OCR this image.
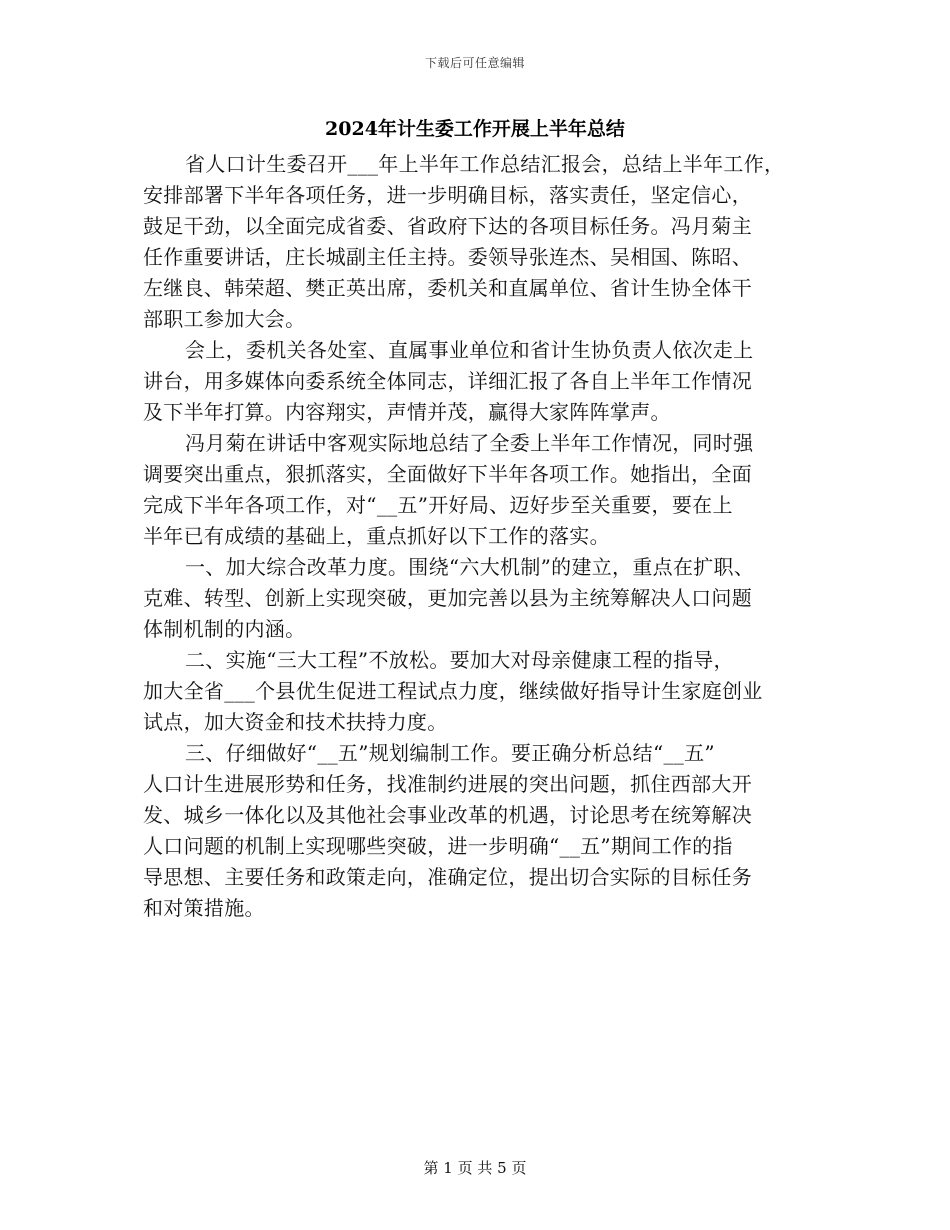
下载后可任意编辑
2024年计生委工作开展上半年总结
省人口计生委召开___年上半年工作总结汇报会，总结上半年工作，
安排部署下半年各项任务，进一步明确目标，落实责任，坚定信心，
鼓足干劲，以全面完成省委、省政府下达的各项目标任务。冯月菊主
任作重要讲话，庄长城副主任主持。委领导张连杰、吴相国、陈昭、
左继良、韩荣超、樊正英出席，委机关和直属单位、省计生协全体干
部职工参加大会。
会上，委机关各处室、直属事业单位和省计生协负责人依次走上
讲台，用多媒体向委系统全体同志，详细汇报了各自上半年工作情况
及下半年打算。内容翔实，声情并茂，赢得大家阵阵掌声。
冯月菊在讲话中客观实际地总结了全委上半年工作情况，同时强
调要突出重点，狠抓落实，全面做好下半年各项工作。她指出，全面
完成下半年各项工作，对“__五”开好局、迈好步至关重要，要在上
半年已有成绩的基础上，重点抓好以下工作的落实。
一、加大综合改革力度。围绕“六大机制”的建立，重点在扩职、
克难、转型、创新上实现突破，更加完善以县为主统筹解决人口问题
体制机制的内涵。
二、实施“三大工程”不放松。要加大对母亲健康工程的指导，
加大全省___个县优生促进工程试点力度，继续做好指导计生家庭创业
试点，加大资金和技术扶持力度。
三、仔细做好“__五”规划编制工作。要正确分析总结“__五”
人口计生进展形势和任务，找准制约进展的突出问题，抓住西部大开
发、城乡一体化以及其他社会事业改革的机遇，讨论思考在统筹解决
人口问题的机制上实现哪些突破，进一步明确“__五”期间工作的指
导思想、主要任务和政策走向，准确定位，提出切合实际的目标任务
和对策措施。
第 1 页 共 5 页
